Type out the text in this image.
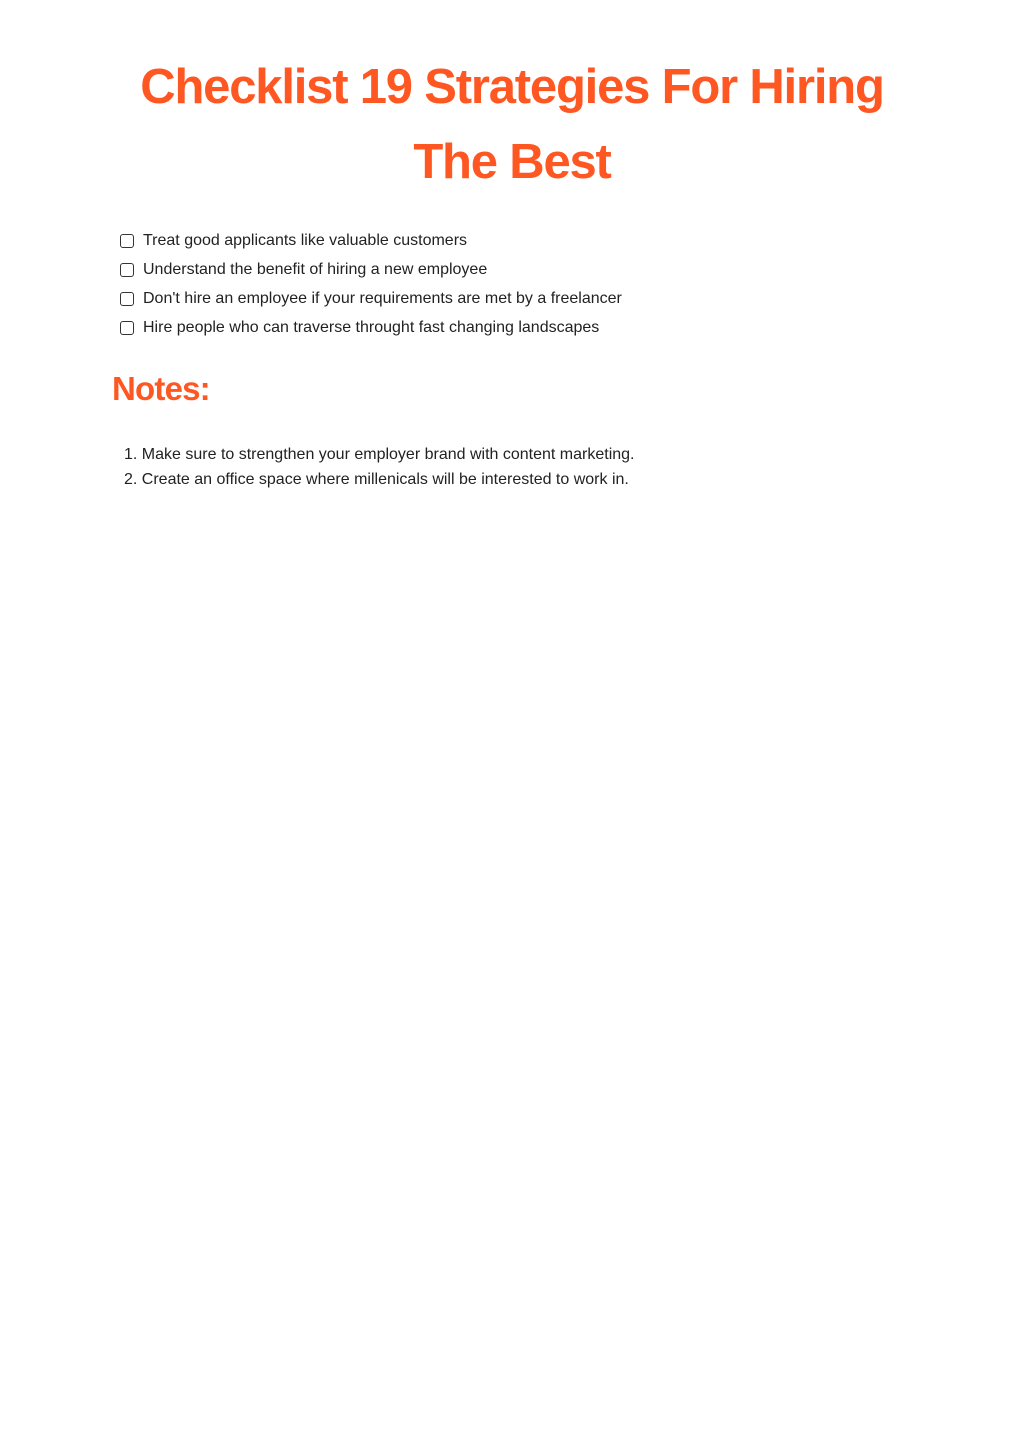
Checklist 19 Strategies For Hiring The Best
Treat good applicants like valuable customers
Understand the benefit of hiring a new employee
Don't hire an employee if your requirements are met by a freelancer
Hire people who can traverse throught fast changing landscapes
Notes:
1. Make sure to strengthen your employer brand with content marketing.
2. Create an office space where millenicals will be interested to work in.
